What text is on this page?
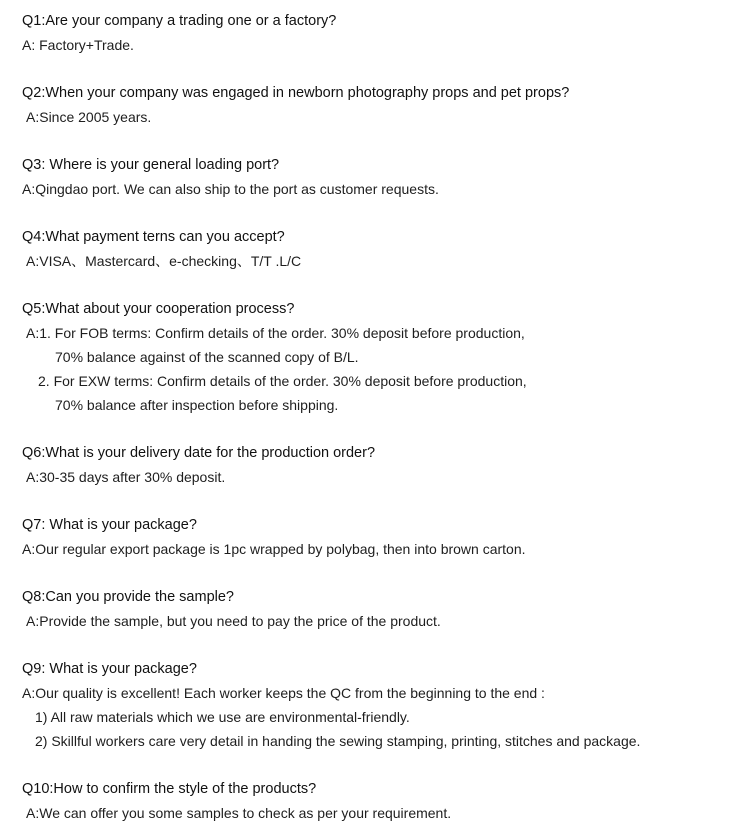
Q1:Are your company a trading one or a factory?
A: Factory+Trade.
Q2:When your company was engaged in newborn photography props and pet props?
A:Since 2005 years.
Q3: Where is your general loading port?
A:Qingdao port. We can also ship to the port as customer requests.
Q4:What payment terns can you accept?
A:VISA、Mastercard、e-checking、T/T .L/C
Q5:What about your cooperation process?
A:1. For FOB terms: Confirm details of the order. 30% deposit before production,
70% balance against of the scanned copy of B/L.
2. For EXW terms: Confirm details of the order. 30% deposit before production,
70% balance after inspection before shipping.
Q6:What is your delivery date for the production order?
A:30-35 days after 30% deposit.
Q7: What is your package?
A:Our regular export package is 1pc wrapped by polybag, then into brown carton.
Q8:Can you provide the sample?
A:Provide the sample, but you need to pay the price of the product.
Q9: What is your package?
A:Our quality is excellent! Each worker keeps the QC from the beginning to the end :
1) All raw materials which we use are environmental-friendly.
2) Skillful workers care very detail in handing the sewing stamping, printing, stitches and package.
Q10:How to confirm the style of the products?
A:We can offer you some samples to check as per your requirement.
